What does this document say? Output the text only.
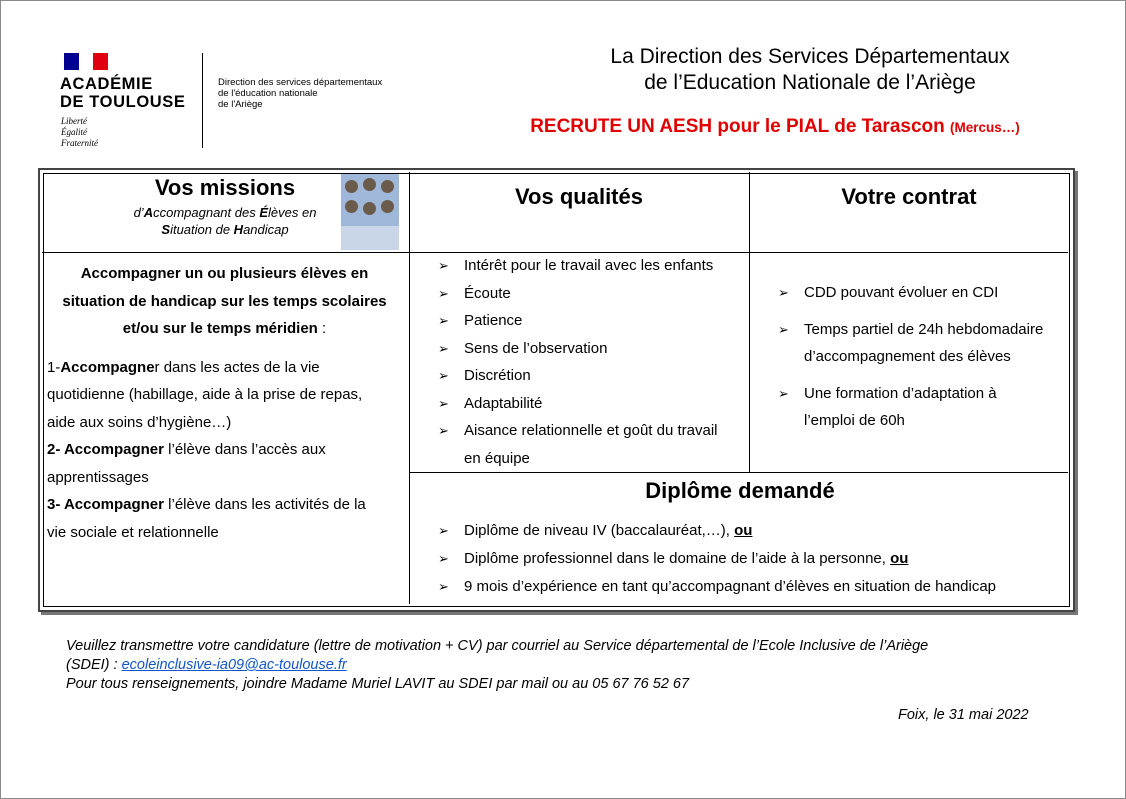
ACADÉMIE
DE TOULOUSE
Liberté
Égalité
Fraternité
Direction des services départementaux
de l'éducation nationale
de l'Ariège
La Direction des Services Départementaux
de l’Education Nationale de l’Ariège
RECRUTE UN AESH pour le PIAL de Tarascon (Mercus…)
Vos missions
d’Accompagnant des Élèves en
Situation de Handicap
Vos qualités	Votre contrat
Accompagner un ou plusieurs élèves en
situation de handicap sur les temps scolaires
et/ou sur le temps méridien :
1-Accompagner dans les actes de la vie
quotidienne (habillage, aide à la prise de repas,
aide aux soins d’hygiène…)
2- Accompagner l’élève dans l’accès aux
apprentissages
3- Accompagner l’élève dans les activités de la
vie sociale et relationnelle
➢ Intérêt pour le travail avec les enfants
➢ Écoute
➢ Patience
➢ Sens de l’observation
➢ Discrétion
➢ Adaptabilité
➢ Aisance relationnelle et goût du travail
en équipe
➢ CDD pouvant évoluer en CDI
➢ Temps partiel de 24h hebdomadaire
d’accompagnement des élèves
➢ Une formation d’adaptation à
l’emploi de 60h
Diplôme demandé
➢ Diplôme de niveau IV (baccalauréat,…), ou
➢ Diplôme professionnel dans le domaine de l’aide à la personne, ou
➢ 9 mois d’expérience en tant qu’accompagnant d’élèves en situation de handicap
Veuillez transmettre votre candidature (lettre de motivation + CV) par courriel au Service départemental de l’Ecole Inclusive de l’Ariège
(SDEI) : ecoleinclusive-ia09@ac-toulouse.fr
Pour tous renseignements, joindre Madame Muriel LAVIT au SDEI par mail ou au 05 67 76 52 67
Foix, le 31 mai 2022
